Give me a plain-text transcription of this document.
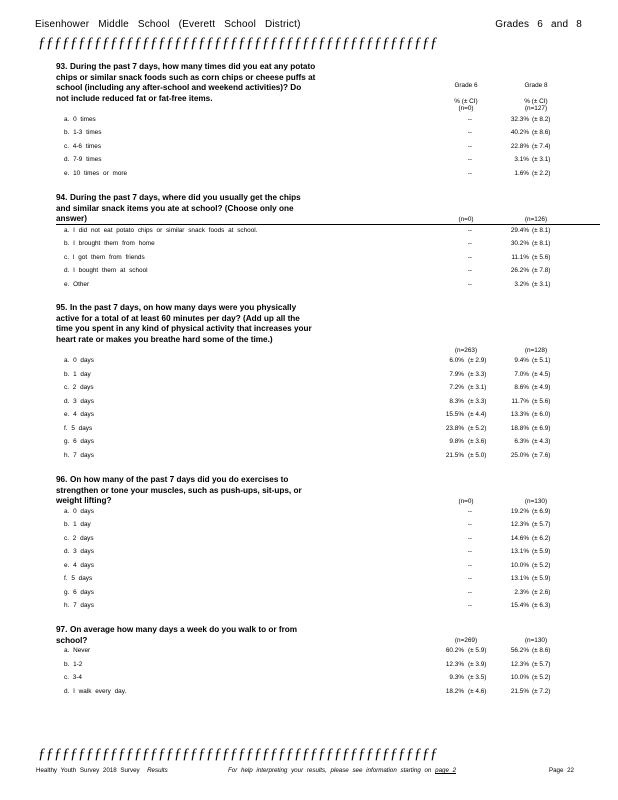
Eisenhower Middle School (Everett School District)	Grades 6 and 8
ƒƒƒƒƒƒƒƒƒƒƒƒƒƒƒƒƒƒƒƒƒƒƒƒƒƒƒƒƒƒƒƒƒƒƒƒƒƒƒƒƒƒƒƒƒƒƒƒƒƒ
93. During the past 7 days, how many times did you eat any potato chips or similar snack foods such as corn chips or cheese puffs at school (including any after-school and weekend activities)? Do not include reduced fat or fat-free items.
Grade 6	Grade 8
% (± CI)	% (± CI)
(n=0)	(n=127)
a. 0 times	--	32.3% (± 8.2)
b. 1-3 times	--	40.2% (± 8.6)
c. 4-6 times	--	22.8% (± 7.4)
d. 7-9 times	--	3.1% (± 3.1)
e. 10 times or more	--	1.6% (± 2.2)
94. During the past 7 days, where did you usually get the chips and similar snack items you ate at school? (Choose only one answer)	(n=0)	(n=126)
a. I did not eat potato chips or similar snack foods at school.	--	29.4% (± 8.1)
b. I brought them from home	--	30.2% (± 8.1)
c. I got them from friends	--	11.1% (± 5.6)
d. I bought them at school	--	26.2% (± 7.8)
e. Other	--	3.2% (± 3.1)
95. In the past 7 days, on how many days were you physically active for a total of at least 60 minutes per day? (Add up all the time you spent in any kind of physical activity that increases your heart rate or makes you breathe hard some of the time.)
(n=263)	(n=128)
a. 0 days	6.0% (± 2.9)	9.4% (± 5.1)
b. 1 day	7.9% (± 3.3)	7.0% (± 4.5)
c. 2 days	7.2% (± 3.1)	8.6% (± 4.9)
d. 3 days	8.3% (± 3.3)	11.7% (± 5.6)
e. 4 days	15.5% (± 4.4)	13.3% (± 6.0)
f. 5 days	23.8% (± 5.2)	18.8% (± 6.9)
g. 6 days	9.8% (± 3.6)	6.3% (± 4.3)
h. 7 days	21.5% (± 5.0)	25.0% (± 7.6)
96. On how many of the past 7 days did you do exercises to strengthen or tone your muscles, such as push-ups, sit-ups, or weight lifting?	(n=0)	(n=130)
a. 0 days	--	19.2% (± 6.9)
b. 1 day	--	12.3% (± 5.7)
c. 2 days	--	14.6% (± 6.2)
d. 3 days	--	13.1% (± 5.9)
e. 4 days	--	10.0% (± 5.2)
f. 5 days	--	13.1% (± 5.9)
g. 6 days	--	2.3% (± 2.6)
h. 7 days	--	15.4% (± 6.3)
97. On average how many days a week do you walk to or from school?	(n=269)	(n=130)
a. Never	60.2% (± 5.9)	56.2% (± 8.6)
b. 1-2	12.3% (± 3.9)	12.3% (± 5.7)
c. 3-4	9.3% (± 3.5)	10.0% (± 5.2)
d. I walk every day.	18.2% (± 4.6)	21.5% (± 7.2)
ƒƒƒƒƒƒƒƒƒƒƒƒƒƒƒƒƒƒƒƒƒƒƒƒƒƒƒƒƒƒƒƒƒƒƒƒƒƒƒƒƒƒƒƒƒƒƒƒƒƒ
Healthy Youth Survey 2018 Survey Results	For help interpreting your results, please see information starting on page 2	Page 22
